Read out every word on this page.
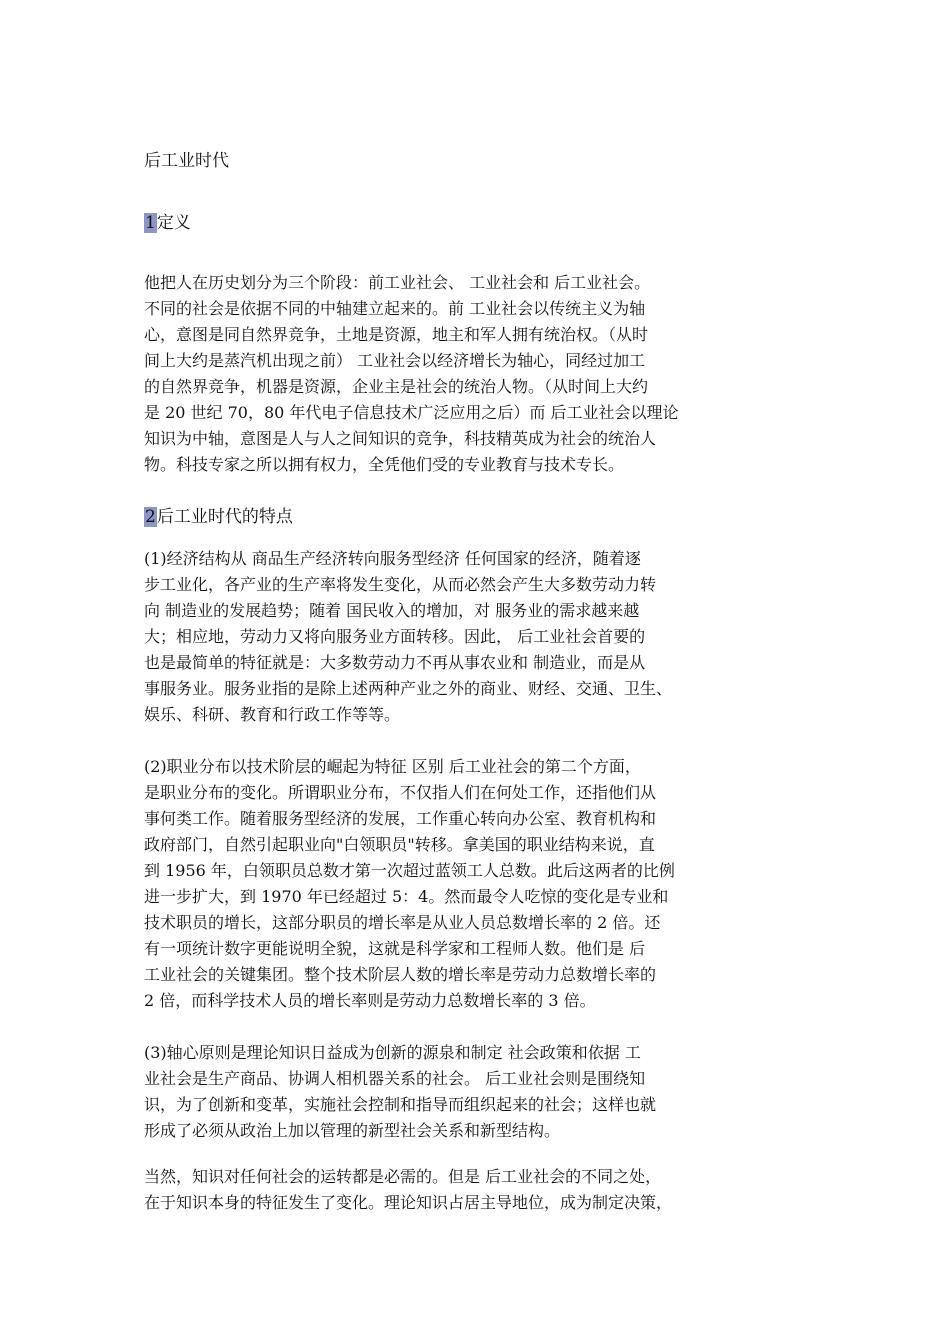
后工业时代
1定义
他把人在历史划分为三个阶段：前工业社会、 工业社会和 后工业社会。
不同的社会是依据不同的中轴建立起来的。前 工业社会以传统主义为轴
心，意图是同自然界竞争，土地是资源，地主和军人拥有统治权。（从时
间上大约是蒸汽机出现之前） 工业社会以经济增长为轴心，同经过加工
的自然界竞争，机器是资源，企业主是社会的统治人物。（从时间上大约
是 20 世纪 70，80 年代电子信息技术广泛应用之后）而 后工业社会以理论
知识为中轴，意图是人与人之间知识的竞争，科技精英成为社会的统治人
物。科技专家之所以拥有权力，全凭他们受的专业教育与技术专长。
2后工业时代的特点
(1)经济结构从 商品生产经济转向服务型经济 任何国家的经济，随着逐
步工业化，各产业的生产率将发生变化，从而必然会产生大多数劳动力转
向 制造业的发展趋势；随着 国民收入的增加，对 服务业的需求越来越
大；相应地，劳动力又将向服务业方面转移。因此， 后工业社会首要的
也是最简单的特征就是：大多数劳动力不再从事农业和 制造业，而是从
事服务业。服务业指的是除上述两种产业之外的商业、财经、交通、卫生、
娱乐、科研、教育和行政工作等等。
(2)职业分布以技术阶层的崛起为特征 区别 后工业社会的第二个方面，
是职业分布的变化。所谓职业分布，不仅指人们在何处工作，还指他们从
事何类工作。随着服务型经济的发展，工作重心转向办公室、教育机构和
政府部门，自然引起职业向"白领职员"转移。拿美国的职业结构来说，直
到 1956 年，白领职员总数才第一次超过蓝领工人总数。此后这两者的比例
进一步扩大，到 1970 年已经超过 5：4。然而最令人吃惊的变化是专业和
技术职员的增长，这部分职员的增长率是从业人员总数增长率的 2 倍。还
有一项统计数字更能说明全貌，这就是科学家和工程师人数。他们是 后
工业社会的关键集团。整个技术阶层人数的增长率是劳动力总数增长率的
2 倍，而科学技术人员的增长率则是劳动力总数增长率的 3 倍。
(3)轴心原则是理论知识日益成为创新的源泉和制定 社会政策和依据 工
业社会是生产商品、协调人相机器关系的社会。 后工业社会则是围绕知
识，为了创新和变革，实施社会控制和指导而组织起来的社会；这样也就
形成了必须从政治上加以管理的新型社会关系和新型结构。
当然，知识对任何社会的运转都是必需的。但是 后工业社会的不同之处，
在于知识本身的特征发生了变化。理论知识占居主导地位，成为制定决策，
